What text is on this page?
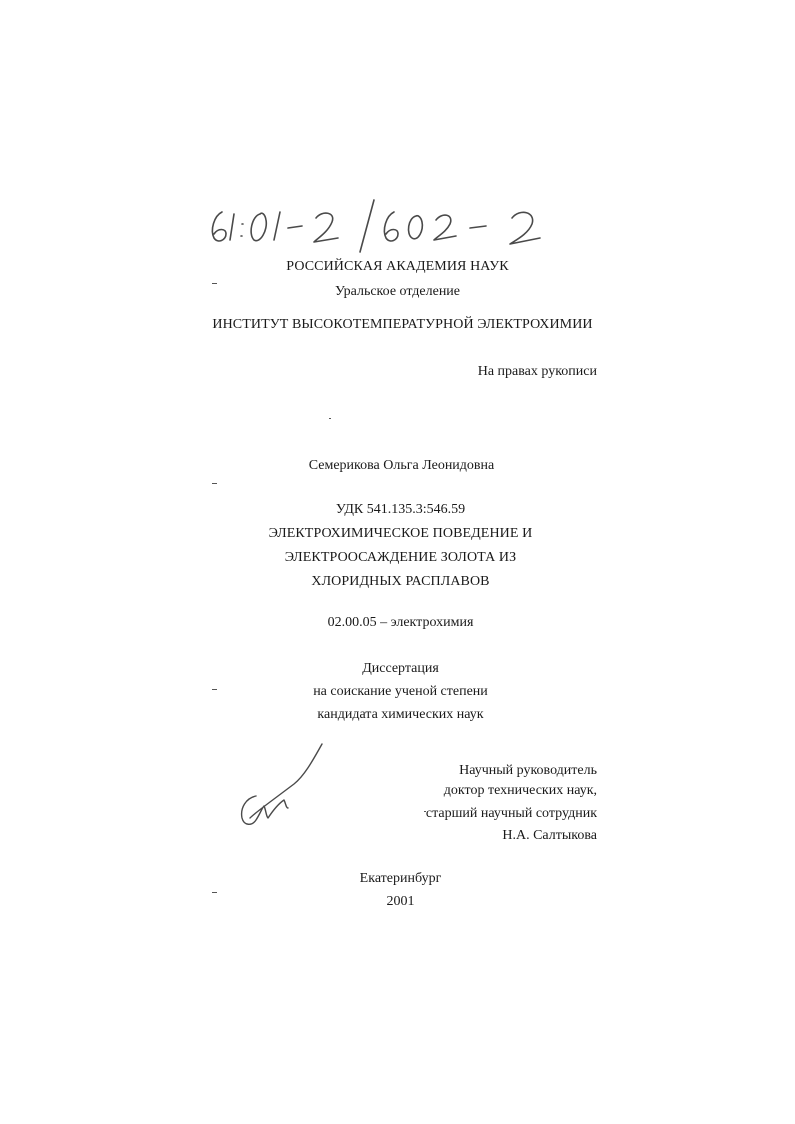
РОССИЙСКАЯ АКАДЕМИЯ НАУК
Уральское отделение
ИНСТИТУТ ВЫСОКОТЕМПЕРАТУРНОЙ ЭЛЕКТРОХИМИИ
На правах рукописи
Семерикова Ольга Леонидовна
УДК 541.135.3:546.59
ЭЛЕКТРОХИМИЧЕСКОЕ ПОВЕДЕНИЕ И
ЭЛЕКТРООСАЖДЕНИЕ ЗОЛОТА ИЗ
ХЛОРИДНЫХ РАСПЛАВОВ
02.00.05 – электрохимия
Диссертация
на соискание ученой степени
кандидата химических наук
Научный руководитель
доктор технических наук,
старший научный сотрудник
Н.А. Салтыкова
Екатеринбург
2001
